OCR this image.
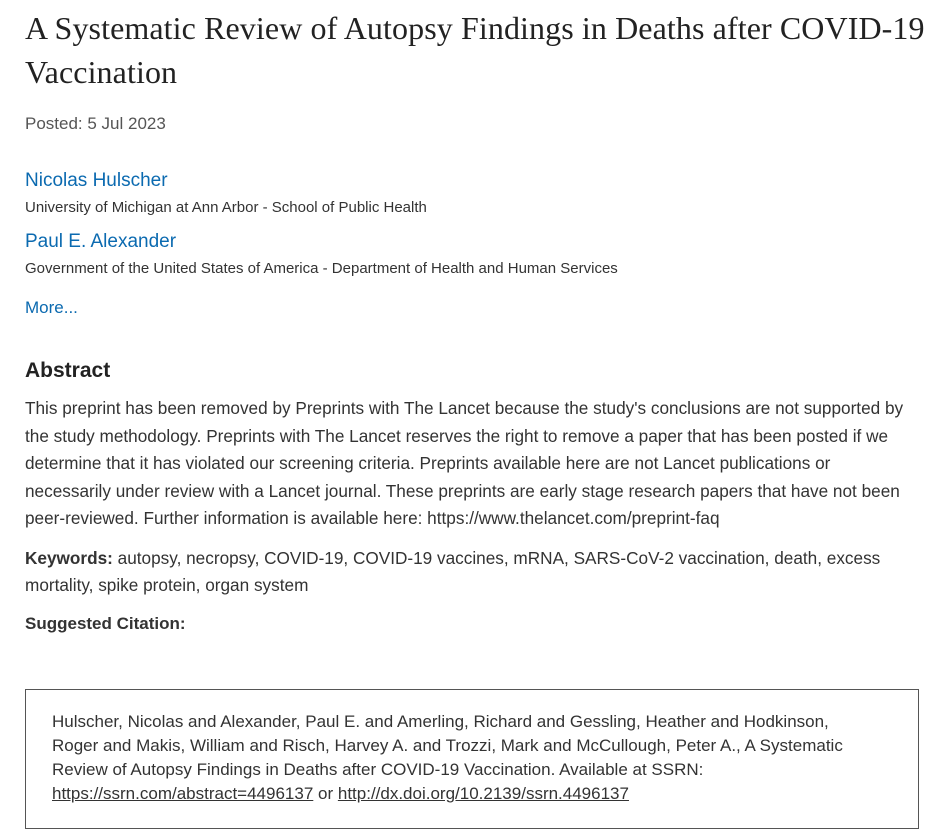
A Systematic Review of Autopsy Findings in Deaths after COVID-19 Vaccination
Posted: 5 Jul 2023
Nicolas Hulscher
University of Michigan at Ann Arbor - School of Public Health
Paul E. Alexander
Government of the United States of America - Department of Health and Human Services
More...
Abstract
This preprint has been removed by Preprints with The Lancet because the study's conclusions are not supported by the study methodology. Preprints with The Lancet reserves the right to remove a paper that has been posted if we determine that it has violated our screening criteria. Preprints available here are not Lancet publications or necessarily under review with a Lancet journal. These preprints are early stage research papers that have not been peer-reviewed. Further information is available here: https://www.thelancet.com/preprint-faq
Keywords: autopsy, necropsy, COVID-19, COVID-19 vaccines, mRNA, SARS-CoV-2 vaccination, death, excess mortality, spike protein, organ system
Suggested Citation:
Hulscher, Nicolas and Alexander, Paul E. and Amerling, Richard and Gessling, Heather and Hodkinson, Roger and Makis, William and Risch, Harvey A. and Trozzi, Mark and McCullough, Peter A., A Systematic Review of Autopsy Findings in Deaths after COVID-19 Vaccination. Available at SSRN: https://ssrn.com/abstract=4496137 or http://dx.doi.org/10.2139/ssrn.4496137
